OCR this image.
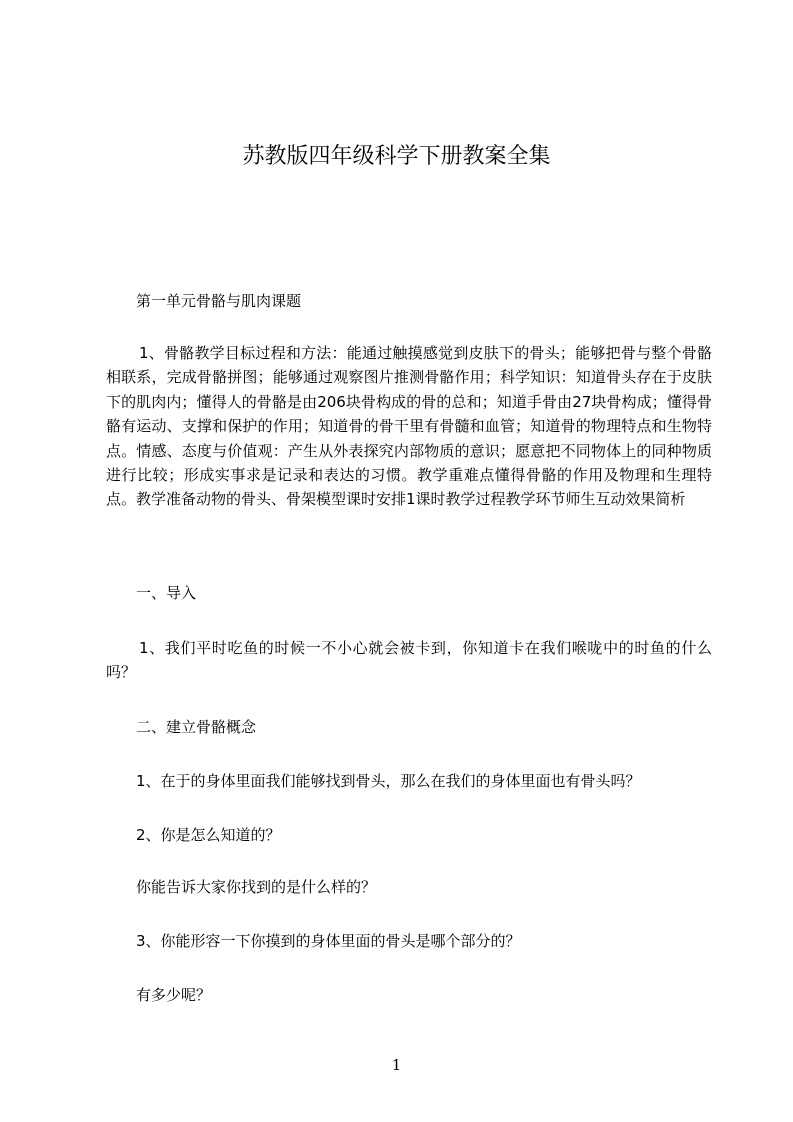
苏教版四年级科学下册教案全集
第一单元骨骼与肌肉课题
1、骨骼教学目标过程和方法：能通过触摸感觉到皮肤下的骨头；能够把骨与整个骨骼相联系，完成骨骼拼图；能够通过观察图片推测骨骼作用；科学知识：知道骨头存在于皮肤下的肌肉内；懂得人的骨骼是由206块骨构成的骨的总和；知道手骨由27块骨构成；懂得骨骼有运动、支撑和保护的作用；知道骨的骨干里有骨髓和血管；知道骨的物理特点和生物特点。情感、态度与价值观：产生从外表探究内部物质的意识；愿意把不同物体上的同种物质进行比较；形成实事求是记录和表达的习惯。教学重难点懂得骨骼的作用及物理和生理特点。教学准备动物的骨头、骨架模型课时安排1课时教学过程教学环节师生互动效果简析
一、导入
1、我们平时吃鱼的时候一不小心就会被卡到，你知道卡在我们喉咙中的时鱼的什么吗？
二、建立骨骼概念
1、在于的身体里面我们能够找到骨头，那么在我们的身体里面也有骨头吗？
2、你是怎么知道的？
你能告诉大家你找到的是什么样的？
3、你能形容一下你摸到的身体里面的骨头是哪个部分的？
有多少呢？
1
